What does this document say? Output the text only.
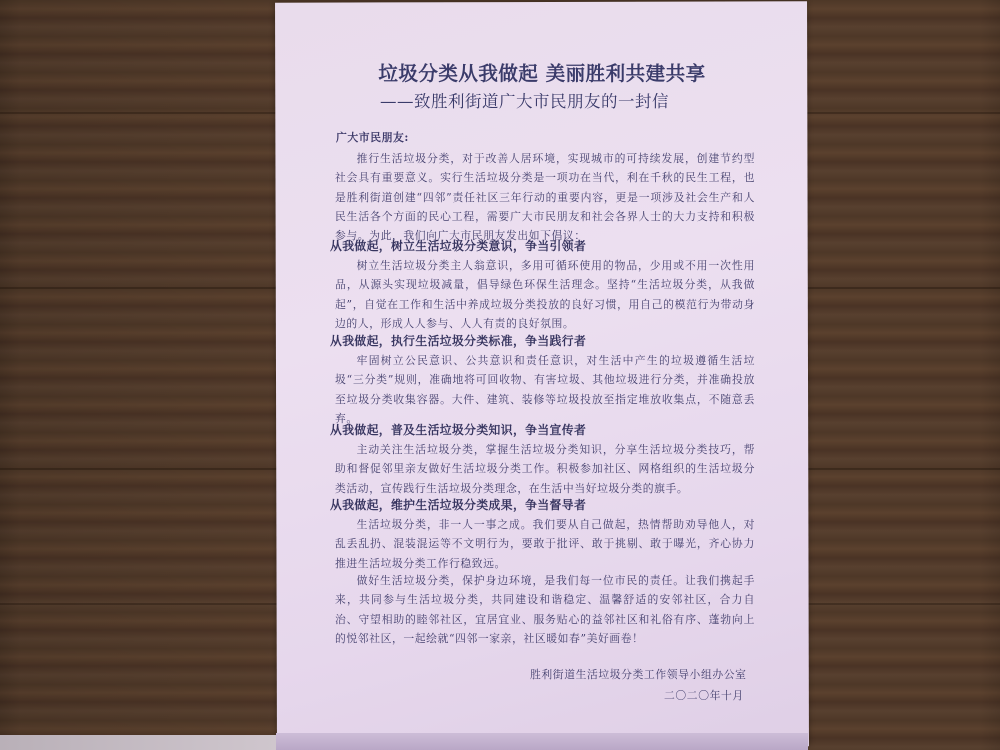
垃圾分类从我做起 美丽胜利共建共享
——致胜利街道广大市民朋友的一封信
广大市民朋友:
推行生活垃圾分类，对于改善人居环境，实现城市的可持续发展，创建节约型社会具有重要意义。实行生活垃圾分类是一项功在当代，利在千秋的民生工程，也是胜利街道创建“四邻”责任社区三年行动的重要内容，更是一项涉及社会生产和人民生活各个方面的民心工程，需要广大市民朋友和社会各界人士的大力支持和积极参与。为此，我们向广大市民朋友发出如下倡议：
从我做起，树立生活垃圾分类意识，争当引领者
树立生活垃圾分类主人翁意识，多用可循环使用的物品，少用或不用一次性用品，从源头实现垃圾减量，倡导绿色环保生活理念。坚持“生活垃圾分类，从我做起”，自觉在工作和生活中养成垃圾分类投放的良好习惯，用自己的模范行为带动身边的人，形成人人参与、人人有责的良好氛围。
从我做起，执行生活垃圾分类标准，争当践行者
牢固树立公民意识、公共意识和责任意识，对生活中产生的垃圾遵循生活垃圾“三分类”规则，准确地将可回收物、有害垃圾、其他垃圾进行分类，并准确投放至垃圾分类收集容器。大件、建筑、装修等垃圾投放至指定堆放收集点，不随意丢弃。
从我做起，普及生活垃圾分类知识，争当宣传者
主动关注生活垃圾分类，掌握生活垃圾分类知识，分享生活垃圾分类技巧，帮助和督促邻里亲友做好生活垃圾分类工作。积极参加社区、网格组织的生活垃圾分类活动，宣传践行生活垃圾分类理念，在生活中当好垃圾分类的旗手。
从我做起，维护生活垃圾分类成果，争当督导者
生活垃圾分类，非一人一事之成。我们要从自己做起，热情帮助劝导他人，对乱丢乱扔、混装混运等不文明行为，要敢于批评、敢于挑剔、敢于曝光，齐心协力推进生活垃圾分类工作行稳致远。
做好生活垃圾分类，保护身边环境，是我们每一位市民的责任。让我们携起手来，共同参与生活垃圾分类，共同建设和谐稳定、温馨舒适的安邻社区，合力自治、守望相助的睦邻社区，宜居宜业、服务贴心的益邻社区和礼俗有序、蓬勃向上的悦邻社区，一起绘就“四邻一家亲，社区暖如春”美好画卷！
胜利街道生活垃圾分类工作领导小组办公室
二〇二〇年十月
